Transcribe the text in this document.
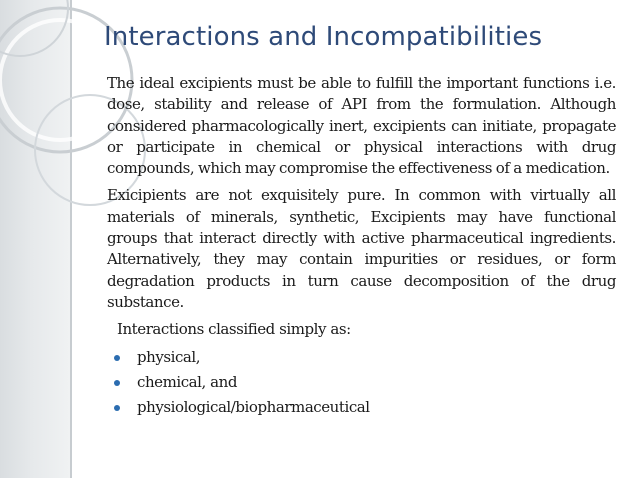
Interactions and Incompatibilities

The ideal excipients must be able to fulfill the important functions i.e. dose, stability and release of API from the formulation. Although considered pharmacologically inert, excipients can initiate, propagate or participate in chemical or physical interactions with drug compounds, which may compromise the effectiveness of a medication.

Exicipients are not exquisitely pure. In common with virtually all materials of minerals, synthetic, Excipients may have functional groups that interact directly with active pharmaceutical ingredients. Alternatively, they may contain impurities or residues, or form degradation products in turn cause decomposition of the drug substance.

Interactions classified simply as:

physical,
chemical, and
physiological/biopharmaceutical
